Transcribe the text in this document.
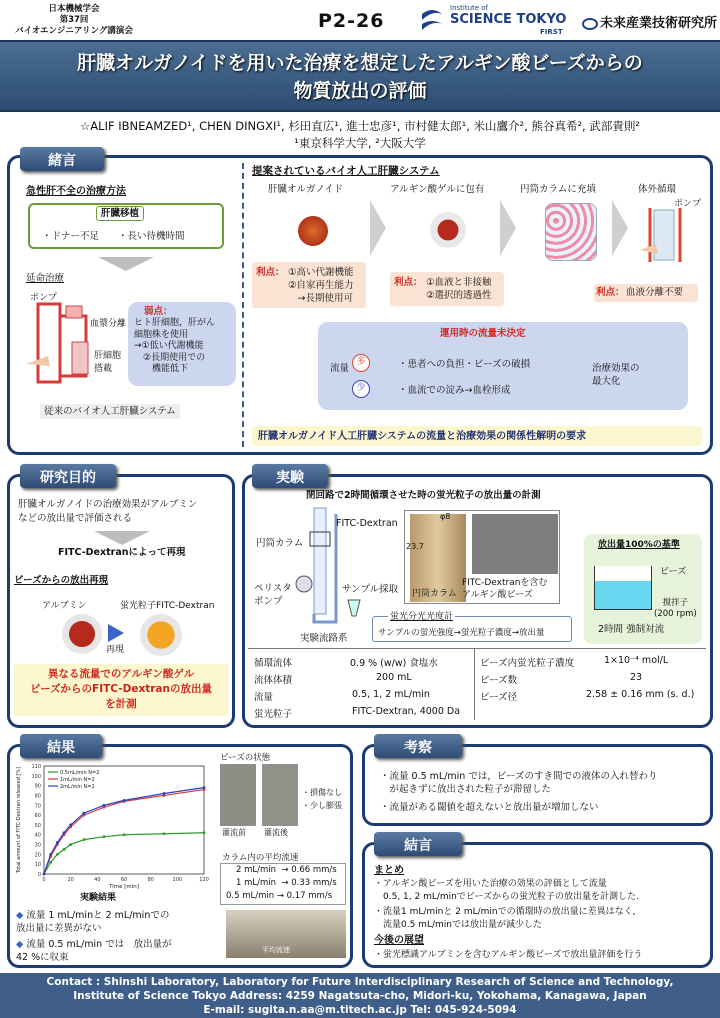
日本機械学会
第37回
バイオエンジニアリング講演会	P2-26
Institute of
SCIENCE TOKYO
FIRST
未来産業技術研究所
肝臓オルガノイドを用いた治療を想定したアルギン酸ビーズからの
物質放出の評価
☆ALIF IBNEAMZED¹, CHEN DINGXI¹, 杉田直広¹, 進士忠彦¹, 市村健太郎¹, 米山鷹介², 熊谷真希², 武部貴則²
¹東京科学大学, ²大阪大学
緒言
急性肝不全の治療方法
肝臓移植
・ドナー不足　　・長い待機時間
延命治療
ポンプ
血漿分離
肝細胞
搭載
弱点：
ヒト肝細胞，肝がん
細胞株を使用
→①低い代謝機能
　②長期使用での
　　機能低下
従来のバイオ人工肝臓システム
提案されているバイオ人工肝臓システム
肝臓オルガノイド	アルギン酸ゲルに包有	円筒カラムに充填	体外循環
ポンプ
利点： ①高い代謝機能
②自家再生能力
　→長期使用可
利点： ①血液と非接触
②選択的透過性	利点： 血液分離不要
運用時の流量未決定
流量
多
少
・患者への負担・ビーズの破損
・血流での淀み→血栓形成
治療効果の
最大化
肝臓オルガノイド人工肝臓システムの流量と治療効果の関係性解明の要求
研究目的
肝臓オルガノイドの治療効果がアルブミン
などの放出量で評価される
FITC-Dextranによって再現
ビーズからの放出再現
アルブミン	蛍光粒子FITC-Dextran
再現
異なる流量でのアルギン酸ゲル
ビーズからのFITC-Dextranの放出量
を計測
実験
閉回路で2時間循環させた時の蛍光粒子の放出量の計測
FITC-Dextran
円筒カラム
ペリスタ
ポンプ
サンプル採取
実験流路系
φ8
23.7
円筒カラム
FITC-Dextranを含む
アルギン酸ビーズ
蛍光分光光度計
サンプルの蛍光強度→蛍光粒子濃度→放出量
放出量100%の基準
ビーズ
撹拌子
(200 rpm)
2時間 強制対流
循環流体	0.9 % (w/w) 食塩水
流体体積	200 mL
流量	0.5, 1, 2 mL/min
蛍光粒子	FITC-Dextran, 4000 Da
ビーズ内蛍光粒子濃度	1×10⁻⁴ mol/L
ビーズ数	23
ビーズ径	2.58 ± 0.16 mm (s. d.)
結果
0
10
20
30
40
50
60
70
80
90
100
110
0	20	40	60	80	100	120
Time [min]
Total amount of FITC-Dextran released [%]	0.5mL/min N=2
1mL/min N=2
2mL/min N=2
実験結果
ビーズの状態
・損傷なし
・少し膨張
灌流前 灌流後
カラム内の平均流速
2 mL/min  → 0.66 mm/s
1 mL/min  → 0.33 mm/s
0.5 mL/min → 0.17 mm/s
平均流速
◆ 流量 1 mL/minと 2 mL/minでの
放出量に差異がない
◆ 流量 0.5 mL/min では　放出量が
42 %に収束
考察
・流量 0.5 mL/min では，ビーズのすき間での液体の入れ替わり
　が起きずに放出された粒子が滞留した
・流量がある閾値を超えないと放出量が増加しない
結言
まとめ
・アルギン酸ビーズを用いた治療の効果の評価として流量
　0.5, 1, 2 mL/minでビーズからの蛍光粒子の放出量を計測した.
・流量1 mL/minと 2 mL/minでの循環時の放出量に差異はなく,
　流量0.5 mL/minでは放出量が減少した
今後の展望
・蛍光標識アルブミンを含むアルギン酸ビーズで放出量評価を行う
Contact : Shinshi Laboratory, Laboratory for Future Interdisciplinary Research of Science and Technology,
Institute of Science Tokyo Address: 4259 Nagatsuta-cho, Midori-ku, Yokohama, Kanagawa, Japan
E-mail: sugita.n.aa@m.titech.ac.jp Tel: 045-924-5094
